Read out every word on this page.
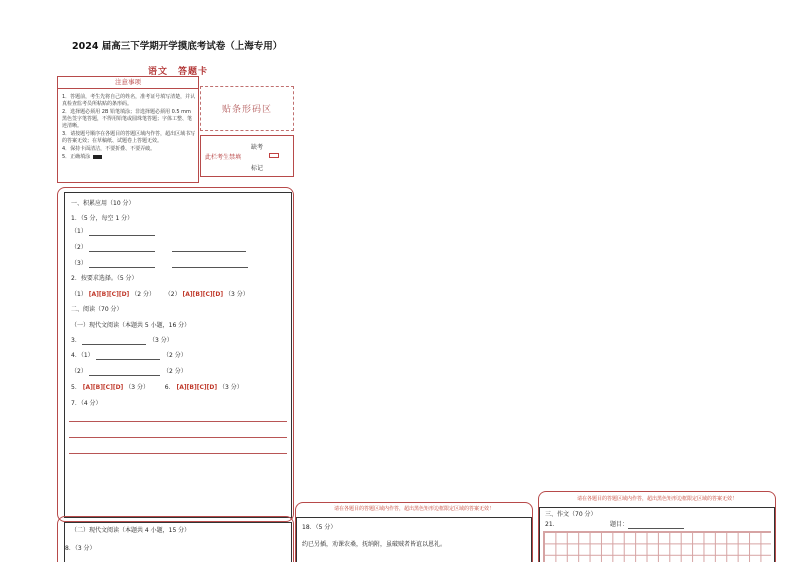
2024 届高三下学期开学摸底考试卷（上海专用）
语文　答题卡
注意事项
1．答题前，考生先将自己的姓名，准考证号填写清楚，并认真检查监考员所粘贴的条形码。
2．选择题必须用 2B 铅笔填涂；非选择题必须用 0.5 mm 黑色签字笔答题，不得用铅笔或圆珠笔答题；字体工整、笔迹清晰。
3．请按题号顺序在各题目的答题区域内作答，超出区域书写的答案无效；在草稿纸、试题卷上答题无效。
4．保持卡面清洁，不要折叠、不要弄破。
5．正确填涂
贴条形码区
缺考
此栏考生禁填
标记
一、积累应用（10 分）
1．（5 分，每空 1 分）
（1）
（2）
（3）
2．按要求选择。（5 分）
（1） [A][B][C][D] （2 分） （2） [A][B][C][D] （3 分）
二、阅读（70 分）
（一）现代文阅读（本题共 5 小题，16 分）
3．	（3 分）
4．（1）	（2 分）
（2）	（2 分）
5． [A][B][C][D] （3 分）	6． [A][B][C][D] （3 分）
7．（4 分）
（二）现代文阅读（本题共 4 小题，15 分）
8．（3 分）
请在各题目的答题区域内作答，超出黑色矩形边框限定区域的答案无效！
18．（5 分）
约已另插，劝课农桑，抚纳附，虽破贼者皆谊以恩礼。
请在各题目的答题区域内作答，超出黑色矩形边框限定区域的答案无效！
三、作文（70 分）
21．	题目：
